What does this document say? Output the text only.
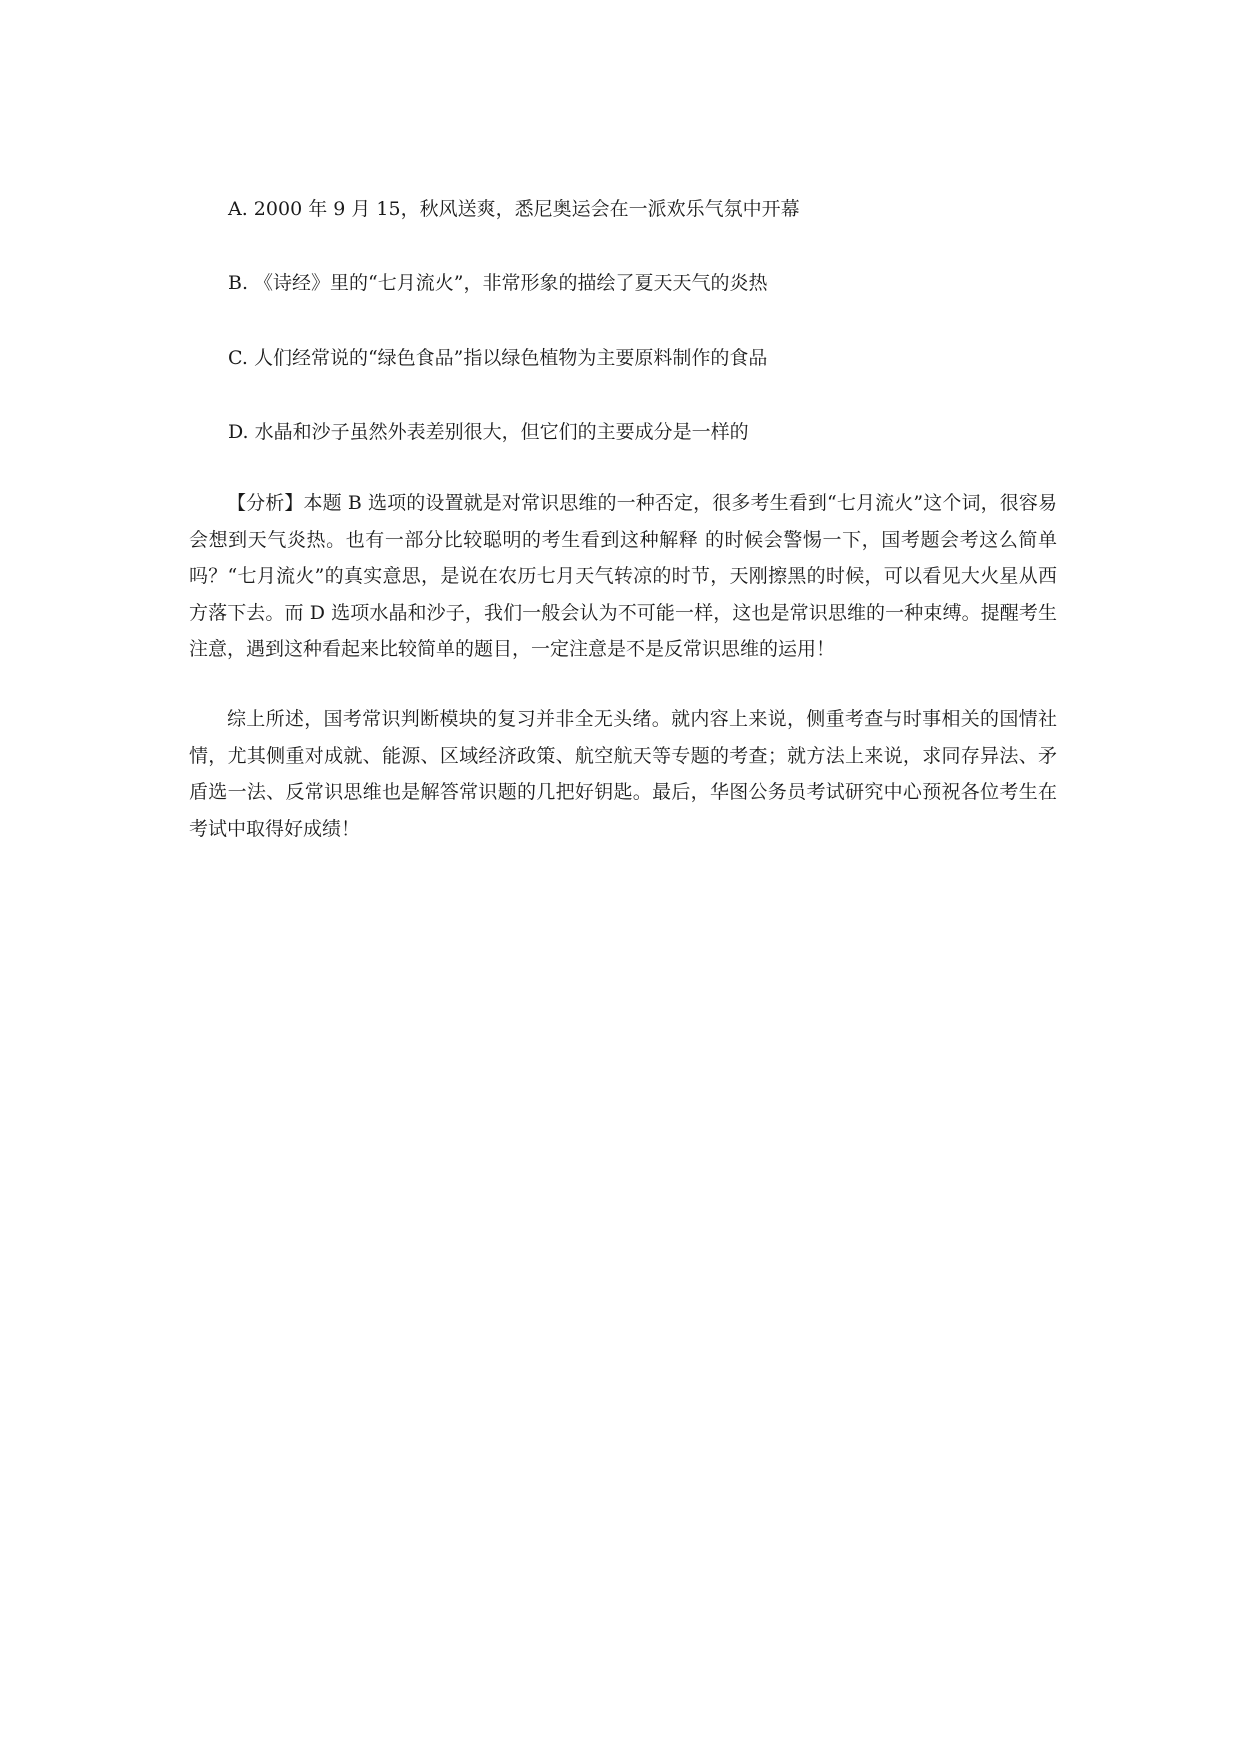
A. 2000 年 9 月 15，秋风送爽，悉尼奥运会在一派欢乐气氛中开幕
B. 《诗经》里的“七月流火”，非常形象的描绘了夏天天气的炎热
C. 人们经常说的“绿色食品”指以绿色植物为主要原料制作的食品
D. 水晶和沙子虽然外表差别很大，但它们的主要成分是一样的

【分析】本题 B 选项的设置就是对常识思维的一种否定，很多考生看到“七月流火”这个词，很容易会想到天气炎热。也有一部分比较聪明的考生看到这种解释 的时候会警惕一下，国考题会考这么简单吗？“七月流火”的真实意思，是说在农历七月天气转凉的时节，天刚擦黑的时候，可以看见大火星从西方落下去。而 D 选项水晶和沙子，我们一般会认为不可能一样，这也是常识思维的一种束缚。提醒考生注意，遇到这种看起来比较简单的题目，一定注意是不是反常识思维的运用！

综上所述，国考常识判断模块的复习并非全无头绪。就内容上来说，侧重考查与时事相关的国情社情，尤其侧重对成就、能源、区域经济政策、航空航天等专题的考查；就方法上来说，求同存异法、矛盾选一法、反常识思维也是解答常识题的几把好钥匙。最后，华图公务员考试研究中心预祝各位考生在考试中取得好成绩！
